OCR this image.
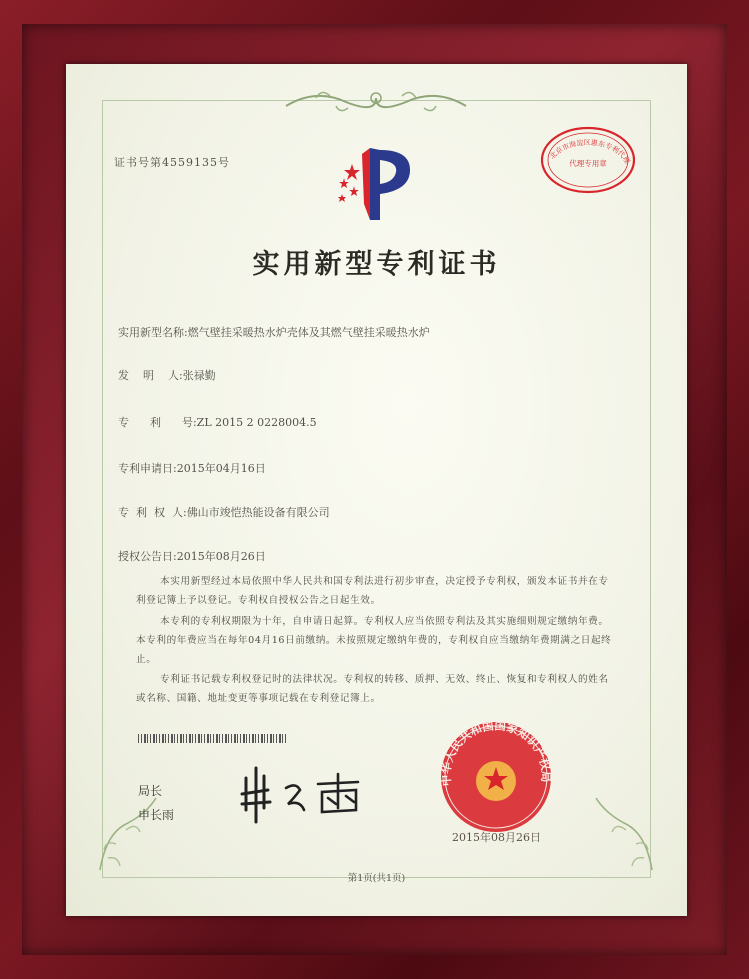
证书号第4559135号
北京市海淀区惠东专利代理
代理专用章
实用新型专利证书
实用新型名称:燃气壁挂采暖热水炉壳体及其燃气壁挂采暖热水炉
发    明    人:张禄勤
专      利      号:ZL 2015 2 0228004.5
专利申请日:2015年04月16日
专  利  权  人:佛山市竣恺热能设备有限公司
授权公告日:2015年08月26日
本实用新型经过本局依照中华人民共和国专利法进行初步审查，决定授予专利权，颁发本证书并在专利登记簿上予以登记。专利权自授权公告之日起生效。
本专利的专利权期限为十年，自申请日起算。专利权人应当依照专利法及其实施细则规定缴纳年费。本专利的年费应当在每年04月16日前缴纳。未按照规定缴纳年费的，专利权自应当缴纳年费期满之日起终止。
专利证书记载专利权登记时的法律状况。专利权的转移、质押、无效、终止、恢复和专利权人的姓名或名称、国籍、地址变更等事项记载在专利登记簿上。
局长
申长雨
中华人民共和国国家知识产权局
2015年08月26日
第1页(共1页)
